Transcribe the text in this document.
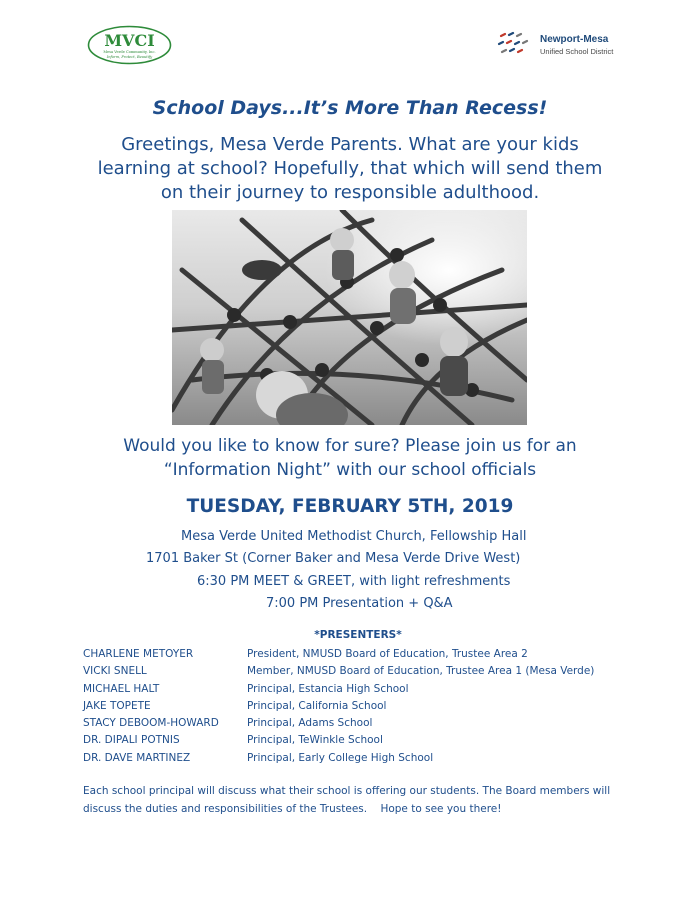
MVCI
Mesa Verde Community, Inc.
Inform, Protect, Beautify
Newport-Mesa
Unified School District
School Days...It’s More Than Recess!
Greetings, Mesa Verde Parents. What are your kids learning at school? Hopefully, that which will send them on their journey to responsible adulthood.
Would you like to know for sure? Please join us for an
“Information Night” with our school officials
TUESDAY, FEBRUARY 5TH, 2019
Mesa Verde United Methodist Church, Fellowship Hall
1701 Baker St (Corner Baker and Mesa Verde Drive West)
6:30 PM MEET & GREET, with light refreshments
7:00 PM Presentation + Q&A
*PRESENTERS*
CHARLENE METOYER	President, NMUSD Board of Education, Trustee Area 2
VICKI SNELL	Member, NMUSD Board of Education, Trustee Area 1 (Mesa Verde)
MICHAEL HALT	Principal, Estancia High School
JAKE TOPETE	Principal, California School
STACY DEBOOM-HOWARD	Principal, Adams School
DR. DIPALI POTNIS	Principal, TeWinkle School
DR. DAVE MARTINEZ	Principal, Early College High School
Each school principal will discuss what their school is offering our students. The Board members will discuss the duties and responsibilities of the Trustees.    Hope to see you there!
